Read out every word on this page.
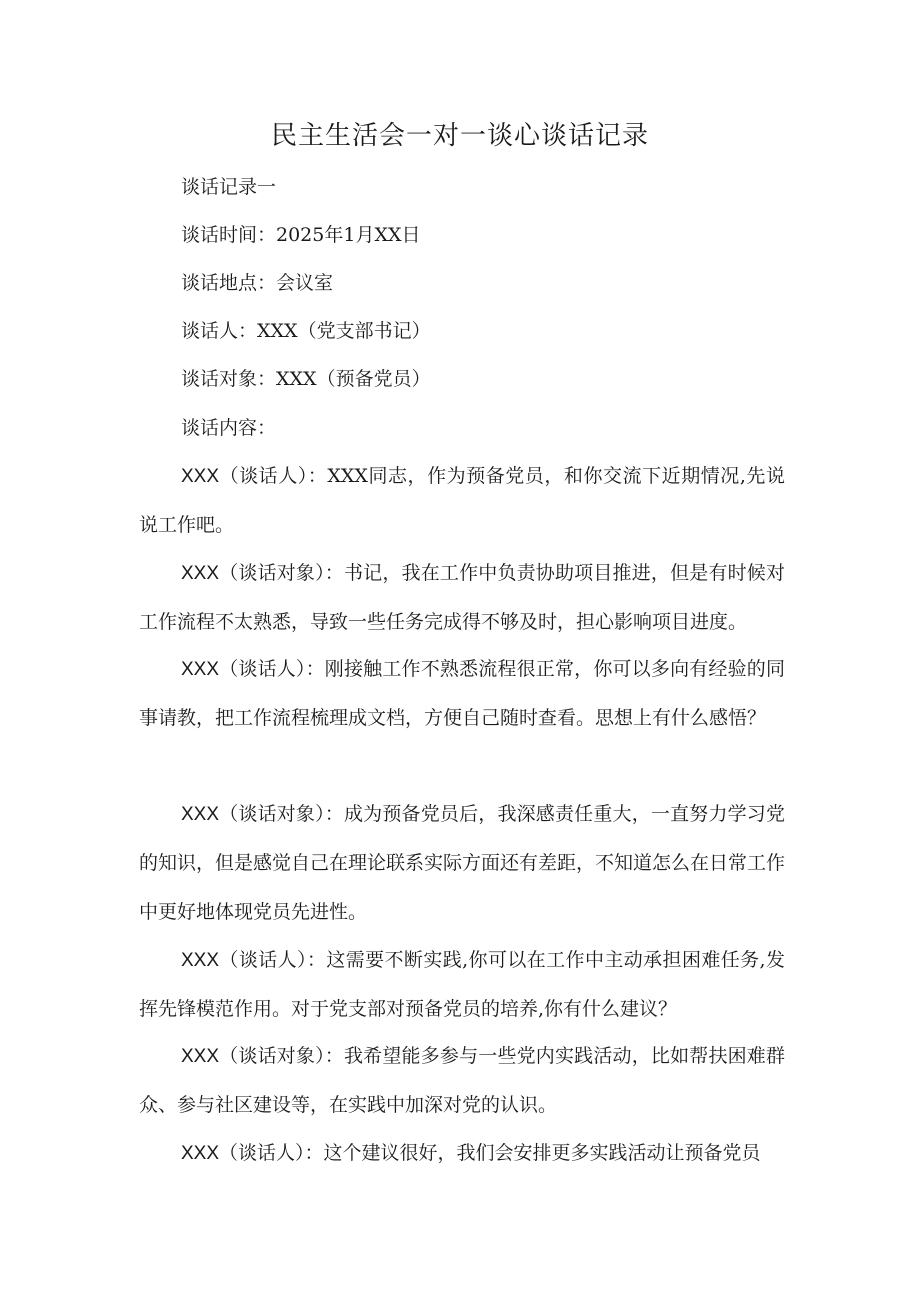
民主生活会一对一谈心谈话记录
谈话记录一
谈话时间：2025年1月XX日
谈话地点：会议室
谈话人：XXX（党支部书记）
谈话对象：XXX（预备党员）
谈话内容：

XXX（谈话人）：XXX同志，作为预备党员，和你交流下近期情况,先说说工作吧。

XXX（谈话对象）：书记，我在工作中负责协助项目推进，但是有时候对工作流程不太熟悉，导致一些任务完成得不够及时，担心影响项目进度。

XXX（谈话人）：刚接触工作不熟悉流程很正常，你可以多向有经验的同事请教，把工作流程梳理成文档，方便自己随时查看。思想上有什么感悟？

XXX（谈话对象）：成为预备党员后，我深感责任重大，一直努力学习党的知识，但是感觉自己在理论联系实际方面还有差距，不知道怎么在日常工作中更好地体现党员先进性。

XXX（谈话人）：这需要不断实践,你可以在工作中主动承担困难任务,发挥先锋模范作用。对于党支部对预备党员的培养,你有什么建议？

XXX（谈话对象）：我希望能多参与一些党内实践活动，比如帮扶困难群众、参与社区建设等，在实践中加深对党的认识。

XXX（谈话人）：这个建议很好，我们会安排更多实践活动让预备党员
